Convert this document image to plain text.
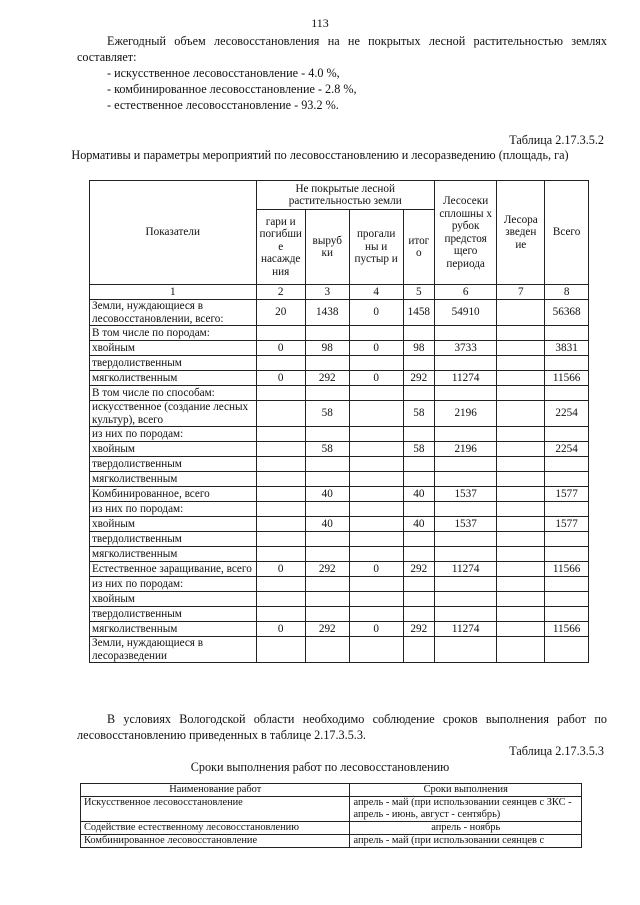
113

Ежегодный объем лесовосстановления на не покрытых лесной растительностью землях составляет:

- искусственное лесовосстановление - 4.0 %,
- комбинированное лесовосстановление - 2.8 %,
- естественное лесовосстановление - 93.2 %.
Таблица 2.17.3.5.2
Нормативы и параметры мероприятий по лесовосстановлению и лесоразведению (площадь, га)
Показатели	Не покрытые лесной растительностью земли				Лесосеки сплошны х рубок предстоя щего периода	Лесора зведен ие	Всего
	гари и погибши е насажде ния	выруб ки	прогали ны и пустыр и	итог о			
1	2	3	4	5	6	7	8
Земли, нуждающиеся в лесовосстановлении, всего:	20	1438	0	1458	54910		56368
В том числе по породам:							
хвойным	0	98	0	98	3733		3831
твердолиственным							
мягколиственным	0	292	0	292	11274		11566
В том числе по способам:							
искусственное (создание лесных культур), всего		58		58	2196		2254
из них по породам:							
хвойным		58		58	2196		2254
твердолиственным							
мягколиственным							
Комбинированное, всего		40		40	1537		1577
из них по породам:							
хвойным		40		40	1537		1577
твердолиственным							
мягколиственным							
Естественное заращивание, всего	0	292	0	292	11274		11566
из них по породам:							
хвойным							
твердолиственным							
мягколиственным	0	292	0	292	11274		11566
Земли, нуждающиеся в лесоразведении							

В условиях Вологодской области необходимо соблюдение сроков выполнения работ по лесовосстановлению приведенных в таблице 2.17.3.5.3.

Таблица 2.17.3.5.3
Сроки выполнения работ по лесовосстановлению
Наименование работ	Сроки выполнения
Искусственное лесовосстановление	апрель - май (при использовании сеянцев с ЗКС - апрель - июнь, август - сентябрь)
Содействие естественному лесовосстановлению	апрель - ноябрь
Комбинированное лесовосстановление	апрель - май (при использовании сеянцев с
